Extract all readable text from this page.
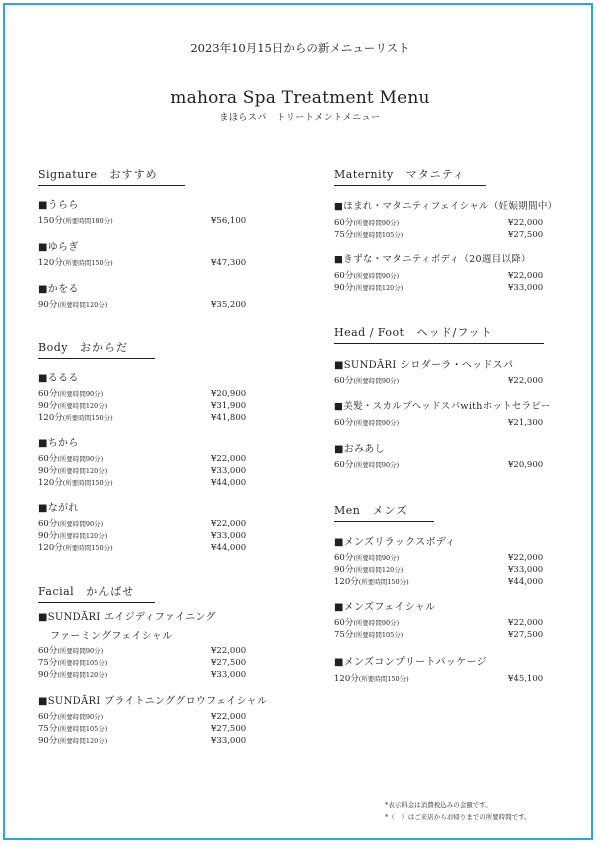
2023年10月15日からの新メニューリスト
mahora Spa Treatment Menu
まほらスパ　トリートメントメニュー
Signature おすすめ
■うらら
150分(所要時間180分)	¥56,100
■ゆらぎ
120分(所要時間150分)	¥47,300
■かをる
90分(所要時間120分)	¥35,200
Body おからだ
■るるる
60分(所要時間90分)	¥20,900
90分(所要時間120分)	¥31,900
120分(所要時間150分)	¥41,800
■ちから
60分(所要時間90分)	¥22,000
90分(所要時間120分)	¥33,000
120分(所要時間150分)	¥44,000
■ながれ
60分(所要時間90分)	¥22,000
90分(所要時間120分)	¥33,000
120分(所要時間150分)	¥44,000
Facial かんばせ
■SUNDĀRI エイジディファイニング
ファーミングフェイシャル
60分(所要時間90分)	¥22,000
75分(所要時間105分)	¥27,500
90分(所要時間120分)	¥33,000
■SUNDĀRI ブライトニンググロウフェイシャル
60分(所要時間90分)	¥22,000
75分(所要時間105分)	¥27,500
90分(所要時間120分)	¥33,000
Maternity マタニティ
■ほまれ・マタニティフェイシャル（妊娠期間中）
60分(所要時間90分)	¥22,000
75分(所要時間105分)	¥27,500
■きずな・マタニティボディ（20週目以降）
60分(所要時間90分)	¥22,000
90分(所要時間120分)	¥33,000
Head / Foot ヘッド/フット
■SUNDĀRI シロダーラ・ヘッドスパ
60分(所要時間90分)	¥22,000
■美髪・スカルプヘッドスパwithホットセラピー
60分(所要時間90分)	¥21,300
■おみあし
60分(所要時間90分)	¥20,900
Men メンズ
■メンズリラックスボディ
60分(所要時間90分)	¥22,000
90分(所要時間120分)	¥33,000
120分(所要時間150分)	¥44,000
■メンズフェイシャル
60分(所要時間90分)	¥22,000
75分(所要時間105分)	¥27,500
■メンズコンプリートパッケージ
120分(所要時間150分)	¥45,100
*表示料金は消費税込みの金額です。
*（　）はご来店からお帰りまでの所要時間です。
